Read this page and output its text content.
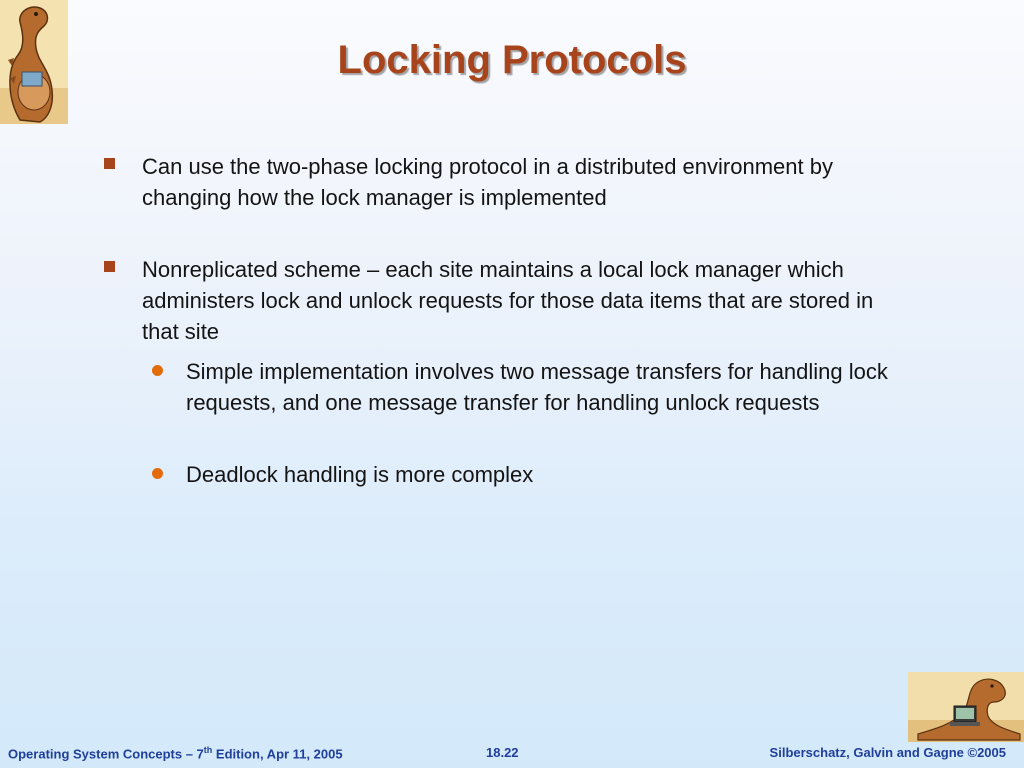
Locking Protocols
Can use the two-phase locking protocol in a distributed environment by changing how the lock manager is implemented
Nonreplicated scheme – each site maintains a local lock manager which administers lock and unlock requests for those data items that are stored in that site
Simple implementation involves two message transfers for handling lock requests, and one message transfer for handling unlock requests
Deadlock handling is more complex
Operating System Concepts – 7th Edition, Apr 11, 2005	18.22	Silberschatz, Galvin and Gagne ©2005
